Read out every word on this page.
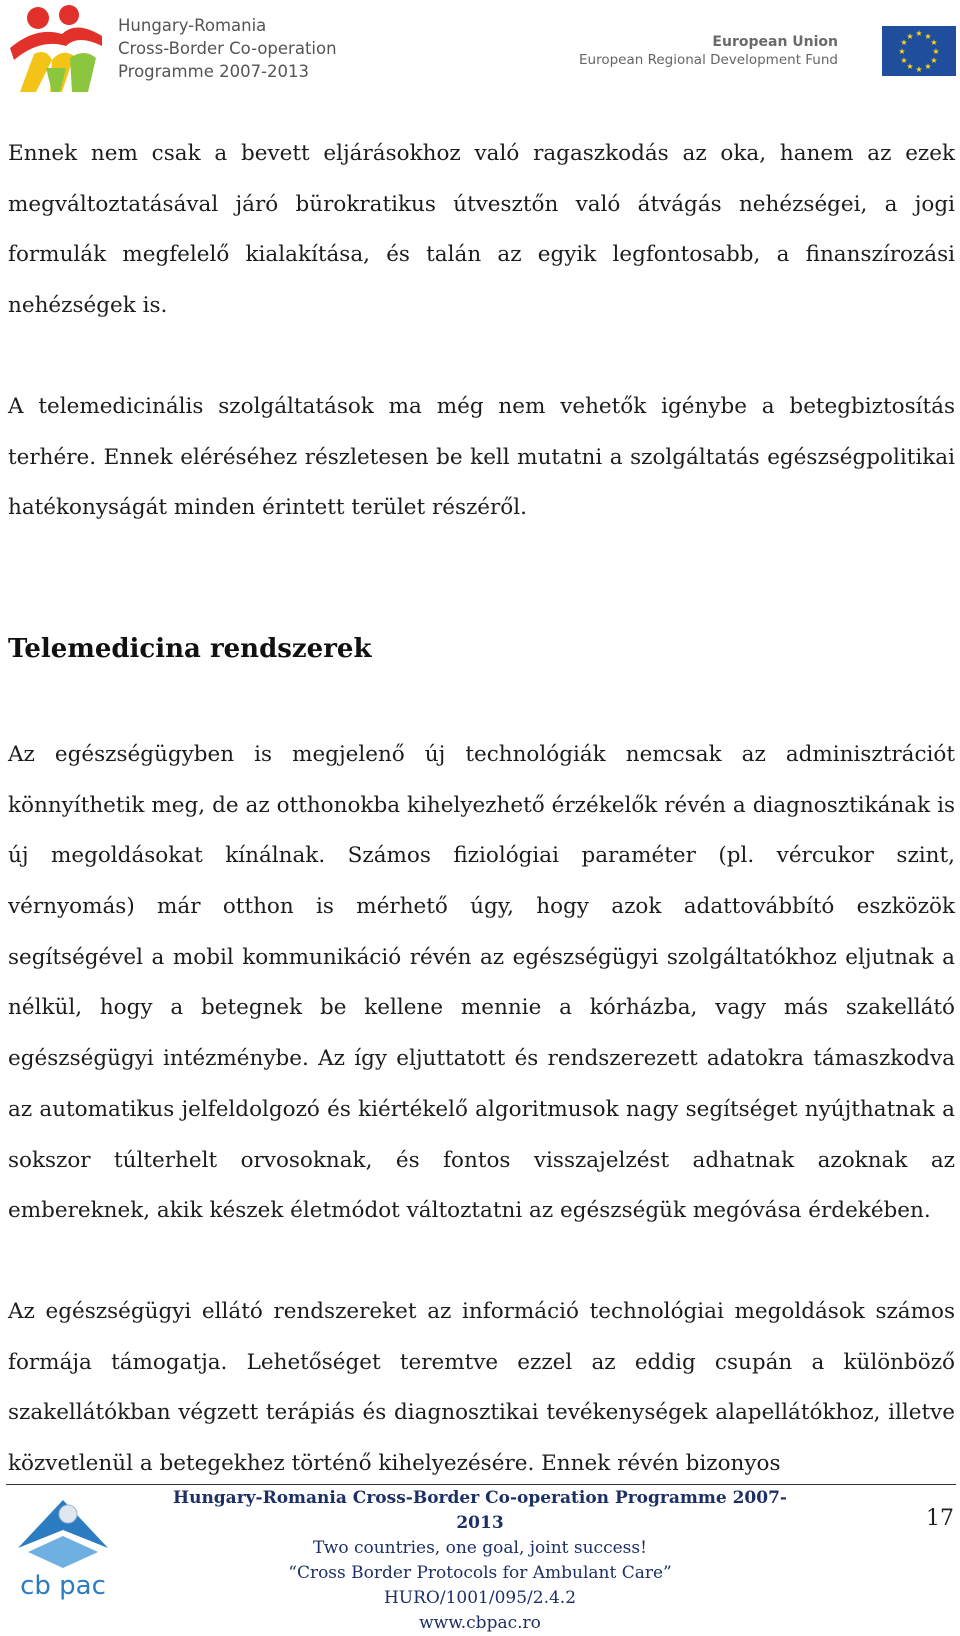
Hungary-Romania
Cross-Border Co-operation
Programme 2007-2013
European Union
European Regional Development Fund
★ ★
★
★
★
★
★
★
★
★
★
★

Ennek nem csak a bevett eljárásokhoz való ragaszkodás az oka, hanem az ezek megváltoztatásával járó bürokratikus útvesztőn való átvágás nehézségei, a jogi formulák megfelelő kialakítása, és talán az egyik legfontosabb, a finanszírozási nehézségek is.

A telemedicinális szolgáltatások ma még nem vehetők igénybe a betegbiztosítás terhére. Ennek eléréséhez részletesen be kell mutatni a szolgáltatás egészségpolitikai hatékonyságát minden érintett terület részéről.

Telemedicina rendszerek

Az egészségügyben is megjelenő új technológiák nemcsak az adminisztrációt könnyíthetik meg, de az otthonokba kihelyezhető érzékelők révén a diagnosztikának is új megoldásokat kínálnak. Számos fiziológiai paraméter (pl. vércukor szint, vérnyomás) már otthon is mérhető úgy, hogy azok adattovábbító eszközök segítségével a mobil kommunikáció révén az egészségügyi szolgáltatókhoz eljutnak a nélkül, hogy a betegnek be kellene mennie a kórházba, vagy más szakellátó egészségügyi intézménybe. Az így eljuttatott és rendszerezett adatokra támaszkodva az automatikus jelfeldolgozó és kiértékelő algoritmusok nagy segítséget nyújthatnak a sokszor túlterhelt orvosoknak, és fontos visszajelzést adhatnak azoknak az embereknek, akik készek életmódot változtatni az egészségük megóvása érdekében.

Az egészségügyi ellátó rendszereket az információ technológiai megoldások számos formája támogatja. Lehetőséget teremtve ezzel az eddig csupán a különböző szakellátókban végzett terápiás és diagnosztikai tevékenységek alapellátókhoz, illetve közvetlenül a betegekhez történő kihelyezésére. Ennek révén bizonyos

cb pac
Hungary-Romania Cross-Border Co-operation Programme 2007-2013
Two countries, one goal, joint success!
“Cross Border Protocols for Ambulant Care”
HURO/1001/095/2.4.2
www.cbpac.ro
17
